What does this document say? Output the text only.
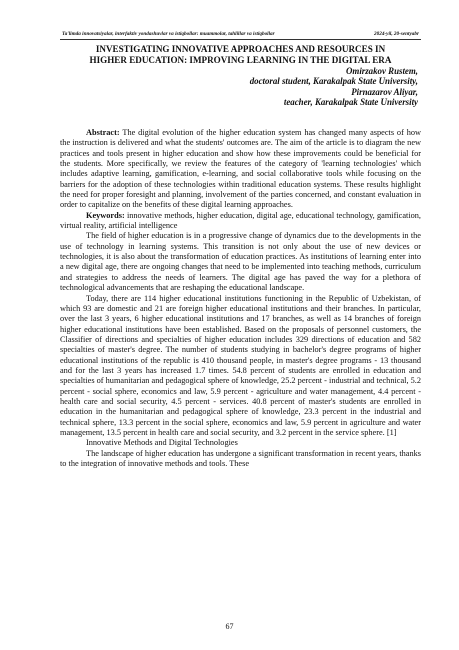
Ta'limda innovatsiyalar, interfaktiv yondashuvlar va istiqbollar: muammolar, tahlillar va istiqbollar	2024-yil, 20-sentyabr
INVESTIGATING INNOVATIVE APPROACHES AND RESOURCES IN
HIGHER EDUCATION: IMPROVING LEARNING IN THE DIGITAL ERA
Omirzakov Rustem,
doctoral student, Karakalpak State University,
Pirnazarov Aliyar,
teacher, Karakalpak State University

Abstract: The digital evolution of the higher education system has changed many aspects of how the instruction is delivered and what the students' outcomes are. The aim of the article is to diagram the new practices and tools present in higher education and show how these improvements could be beneficial for the students. More specifically, we review the features of the category of 'learning technologies' which includes adaptive learning, gamification, e-learning, and social collaborative tools while focusing on the barriers for the adoption of these technologies within traditional education systems. These results highlight the need for proper foresight and planning, involvement of the parties concerned, and constant evaluation in order to capitalize on the benefits of these digital learning approaches.

Keywords: innovative methods, higher education, digital age, educational technology, gamification, virtual reality, artificial intelligence

The field of higher education is in a progressive change of dynamics due to the developments in the use of technology in learning systems. This transition is not only about the use of new devices or technologies, it is also about the transformation of education practices. As institutions of learning enter into a new digital age, there are ongoing changes that need to be implemented into teaching methods, curriculum and strategies to address the needs of learners. The digital age has paved the way for a plethora of technological advancements that are reshaping the educational landscape.

Today, there are 114 higher educational institutions functioning in the Republic of Uzbekistan, of which 93 are domestic and 21 are foreign higher educational institutions and their branches. In particular, over the last 3 years, 6 higher educational institutions and 17 branches, as well as 14 branches of foreign higher educational institutions have been established. Based on the proposals of personnel customers, the Classifier of directions and specialties of higher education includes 329 directions of education and 582 specialties of master's degree. The number of students studying in bachelor's degree programs of higher educational institutions of the republic is 410 thousand people, in master's degree programs - 13 thousand and for the last 3 years has increased 1.7 times. 54.8 percent of students are enrolled in education and specialties of humanitarian and pedagogical sphere of knowledge, 25.2 percent - industrial and technical, 5.2 percent - social sphere, economics and law, 5.9 percent - agriculture and water management, 4.4 percent - health care and social security, 4.5 percent - services. 40.8 percent of master's students are enrolled in education in the humanitarian and pedagogical sphere of knowledge, 23.3 percent in the industrial and technical sphere, 13.3 percent in the social sphere, economics and law, 5.9 percent in agriculture and water management, 13.5 percent in health care and social security, and 3.2 percent in the service sphere. [1]

Innovative Methods and Digital Technologies

The landscape of higher education has undergone a significant transformation in recent years, thanks to the integration of innovative methods and tools. These

67
